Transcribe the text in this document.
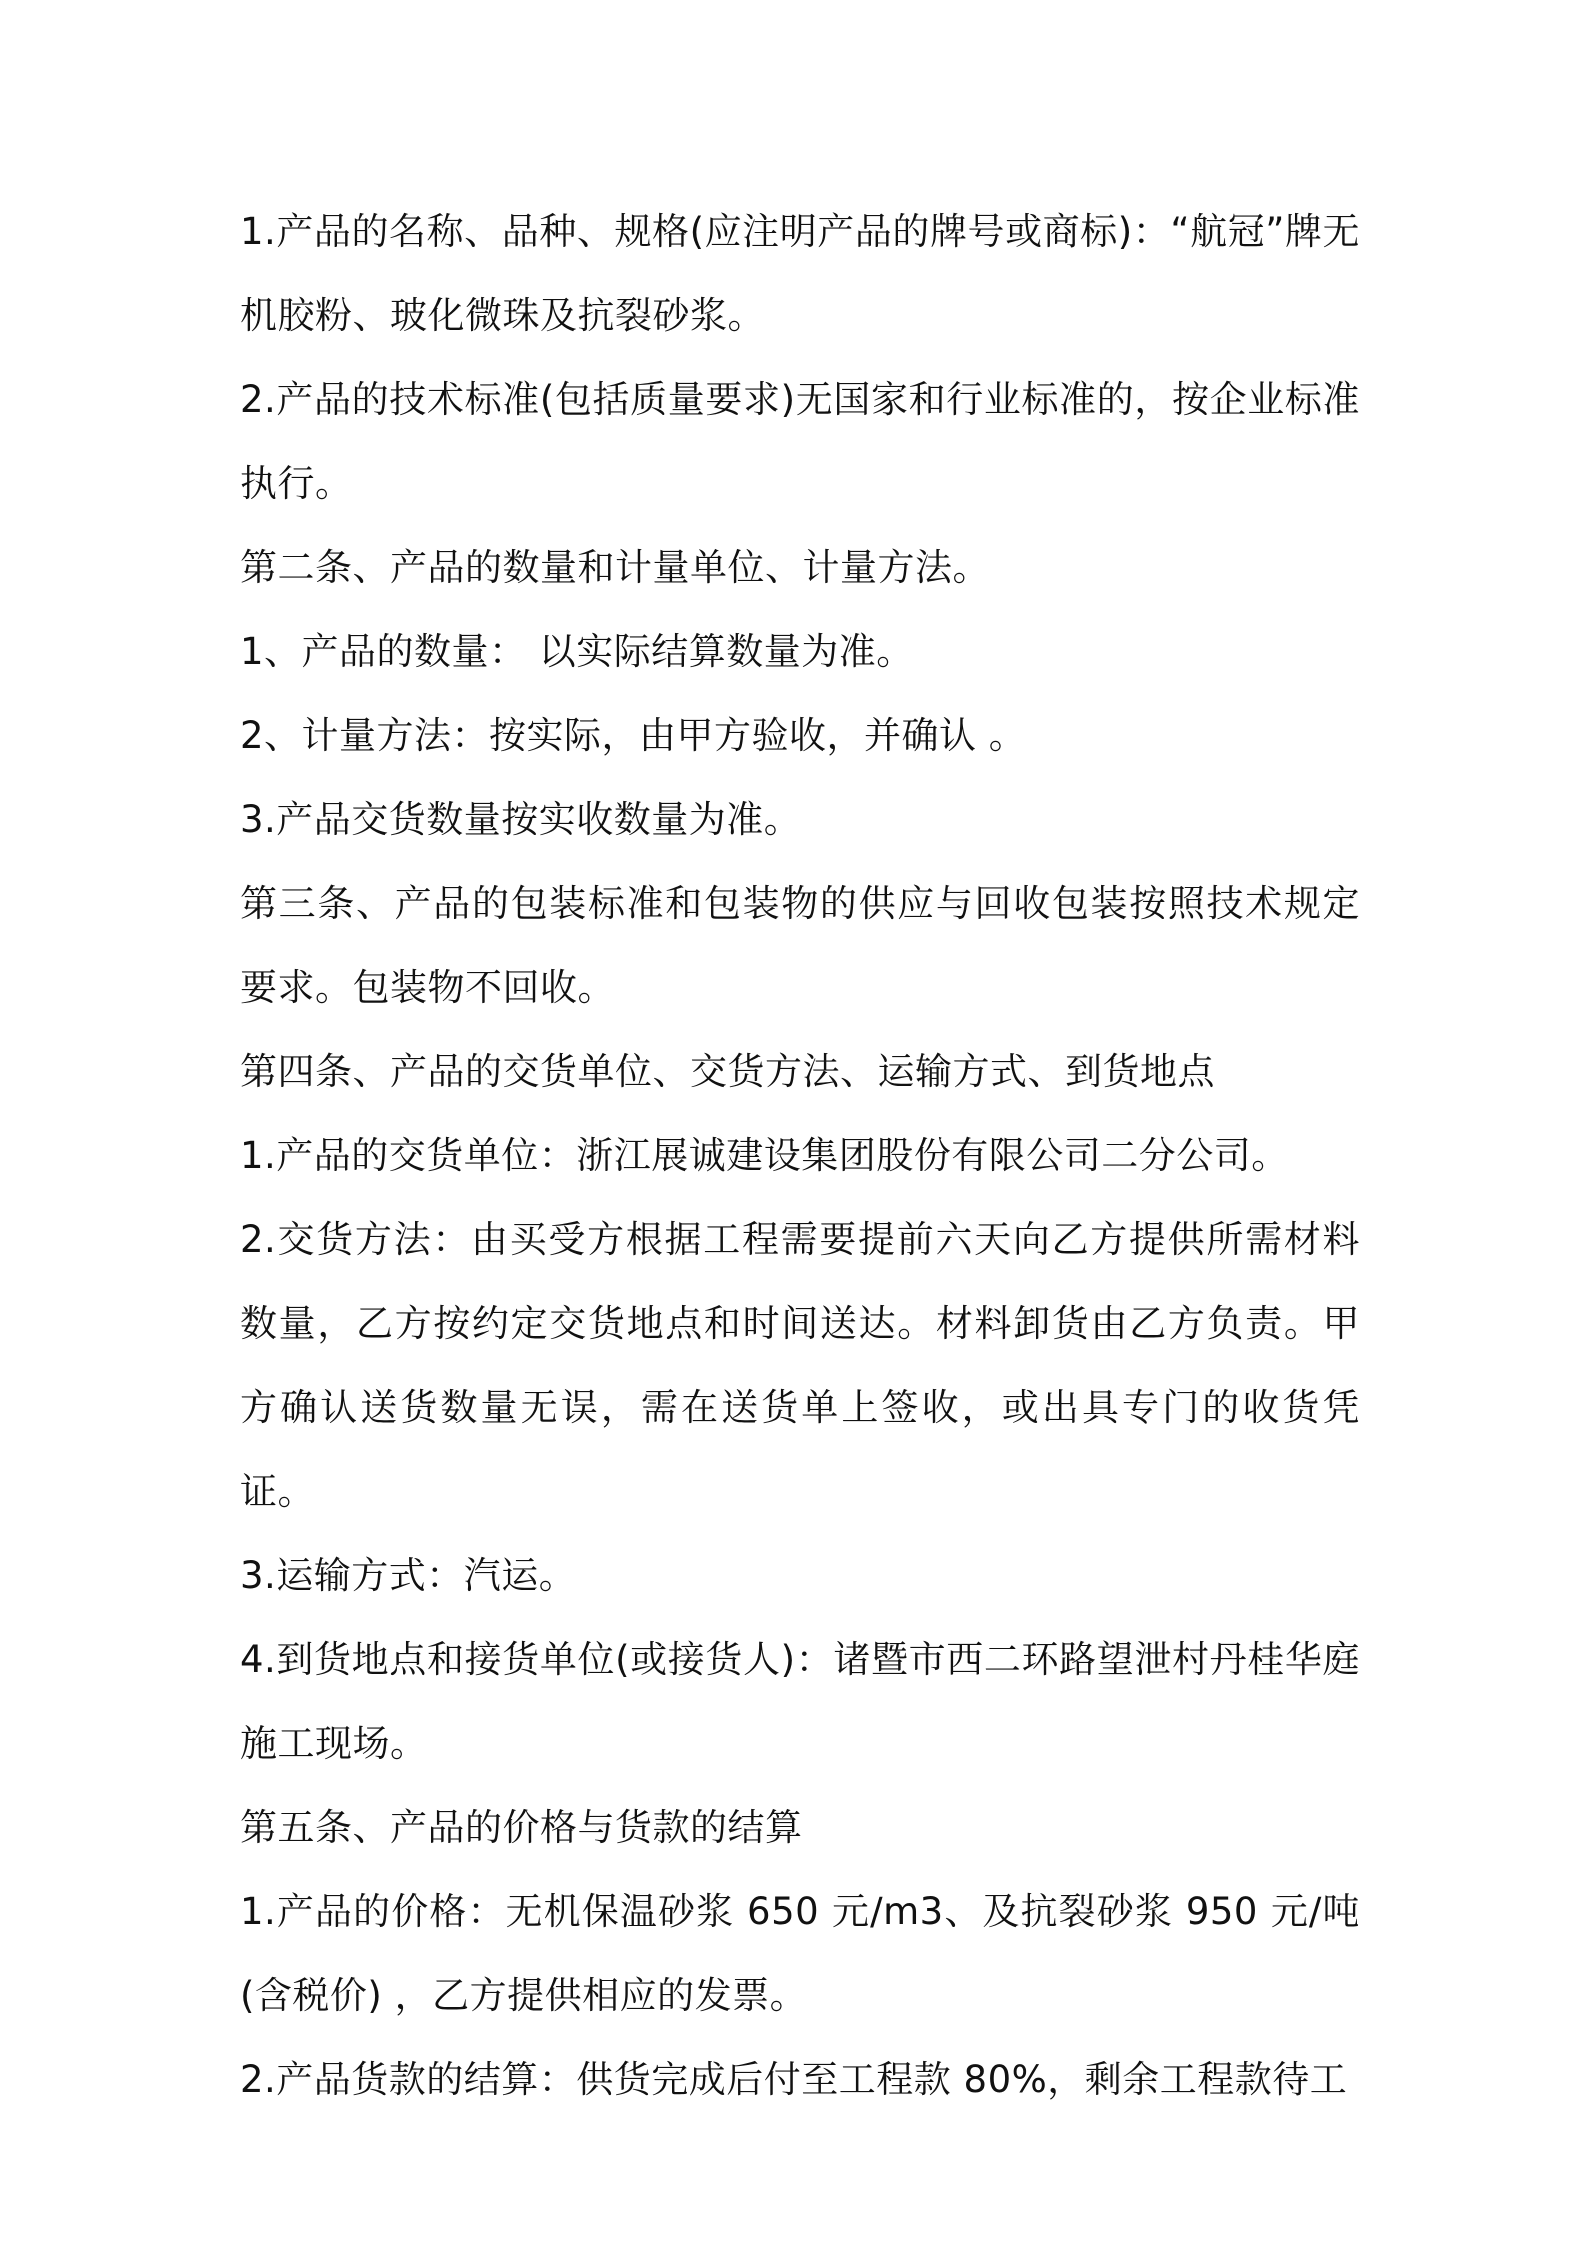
1.产品的名称、品种、规格(应注明产品的牌号或商标)：“航冠”牌无机胶粉、玻化微珠及抗裂砂浆。

2.产品的技术标准(包括质量要求)无国家和行业标准的，按企业标准执行。

第二条、产品的数量和计量单位、计量方法。

1、产品的数量： 以实际结算数量为准。

2、计量方法：按实际，由甲方验收，并确认 。

3.产品交货数量按实收数量为准。

第三条、产品的包装标准和包装物的供应与回收包装按照技术规定要求。包装物不回收。

第四条、产品的交货单位、交货方法、运输方式、到货地点

1.产品的交货单位：浙江展诚建设集团股份有限公司二分公司。

2.交货方法：由买受方根据工程需要提前六天向乙方提供所需材料数量，乙方按约定交货地点和时间送达。材料卸货由乙方负责。甲方确认送货数量无误，需在送货单上签收，或出具专门的收货凭证。

3.运输方式：汽运。

4.到货地点和接货单位(或接货人)：诸暨市西二环路望泄村丹桂华庭施工现场。

第五条、产品的价格与货款的结算

1.产品的价格：无机保温砂浆 650 元/m3、及抗裂砂浆 950 元/吨(含税价) ，乙方提供相应的发票。

2.产品货款的结算：供货完成后付至工程款 80%，剩余工程款待工
